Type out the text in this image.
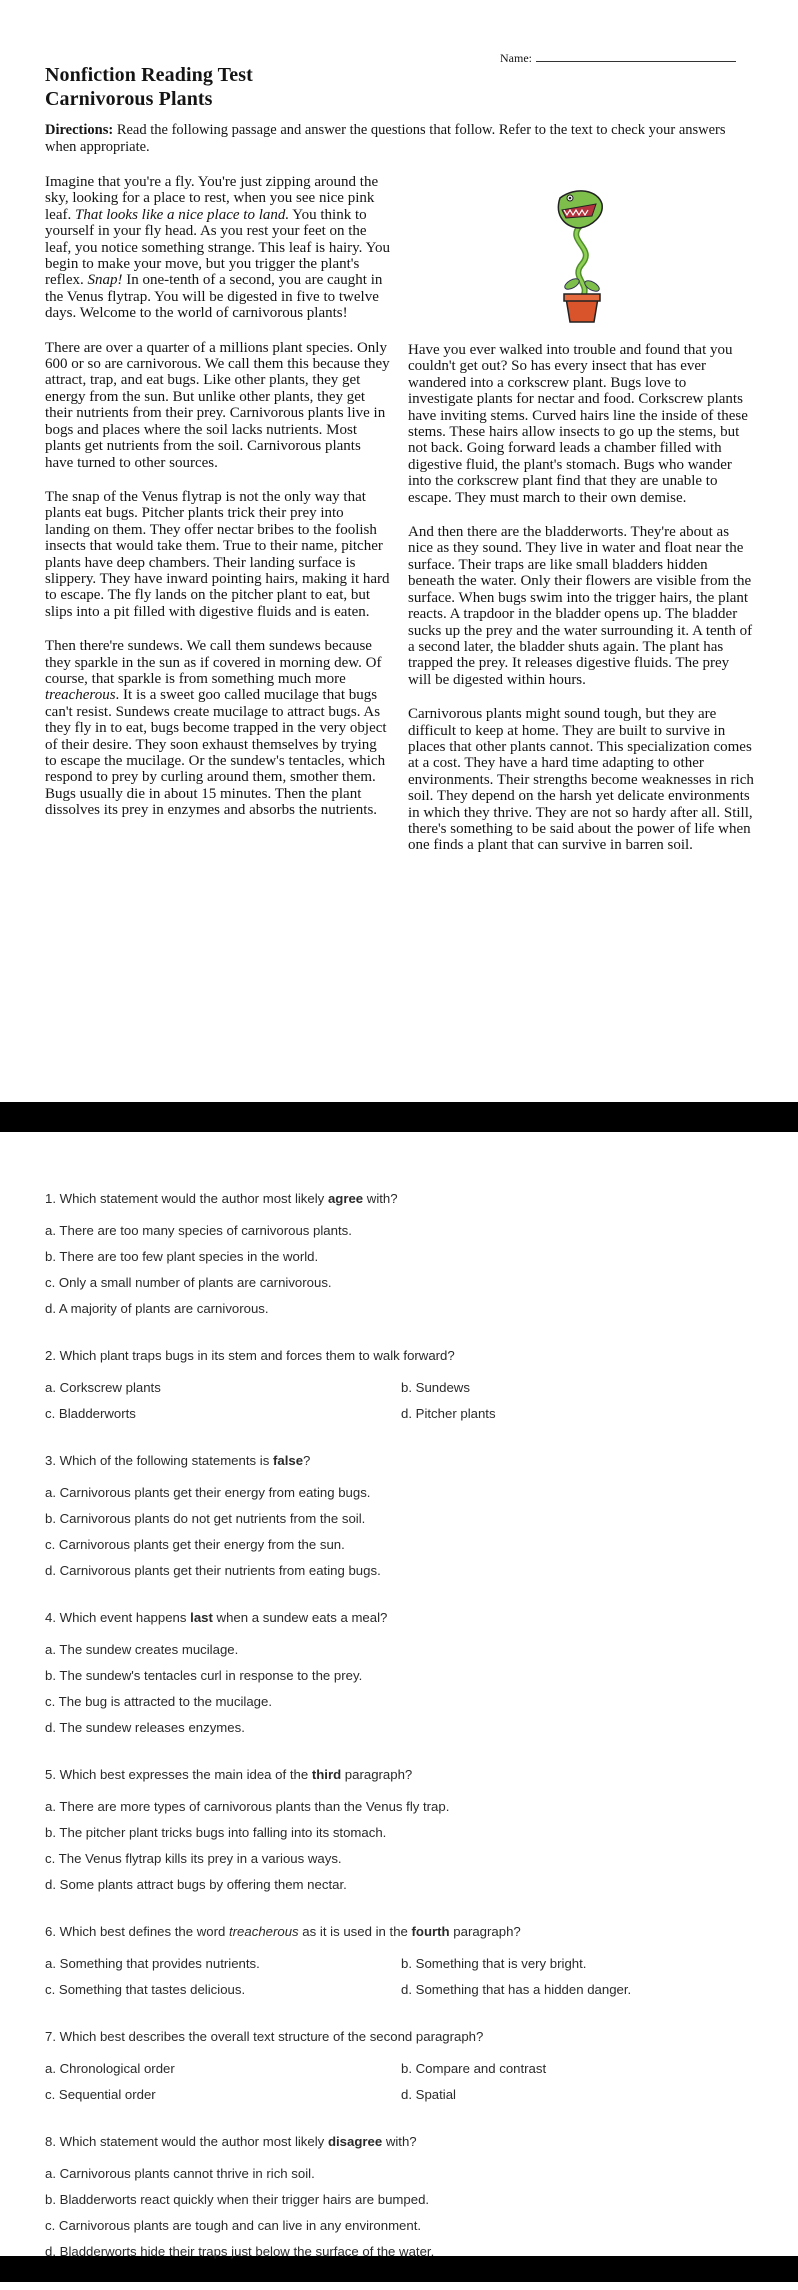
Name:
Nonfiction Reading Test
Carnivorous Plants
Directions: Read the following passage and answer the questions that follow. Refer to the text to check your answers when appropriate.

Imagine that you're a fly. You're just zipping around the sky, looking for a place to rest, when you see nice pink leaf. That looks like a nice place to land. You think to yourself in your fly head. As you rest your feet on the leaf, you notice something strange. This leaf is hairy. You begin to make your move, but you trigger the plant's reflex. Snap! In one-tenth of a second, you are caught in the Venus flytrap. You will be digested in five to twelve days. Welcome to the world of carnivorous plants!

There are over a quarter of a millions plant species. Only 600 or so are carnivorous. We call them this because they attract, trap, and eat bugs. Like other plants, they get energy from the sun. But unlike other plants, they get their nutrients from their prey. Carnivorous plants live in bogs and places where the soil lacks nutrients. Most plants get nutrients from the soil. Carnivorous plants have turned to other sources.

The snap of the Venus flytrap is not the only way that plants eat bugs. Pitcher plants trick their prey into landing on them. They offer nectar bribes to the foolish insects that would take them. True to their name, pitcher plants have deep chambers. Their landing surface is slippery. They have inward pointing hairs, making it hard to escape. The fly lands on the pitcher plant to eat, but slips into a pit filled with digestive fluids and is eaten.

Then there're sundews. We call them sundews because they sparkle in the sun as if covered in morning dew. Of course, that sparkle is from something much more treacherous. It is a sweet goo called mucilage that bugs can't resist. Sundews create mucilage to attract bugs. As they fly in to eat, bugs become trapped in the very object of their desire. They soon exhaust themselves by trying to escape the mucilage. Or the sundew's tentacles, which respond to prey by curling around them, smother them. Bugs usually die in about 15 minutes. Then the plant dissolves its prey in enzymes and absorbs the nutrients.

Have you ever walked into trouble and found that you couldn't get out? So has every insect that has ever wandered into a corkscrew plant. Bugs love to investigate plants for nectar and food. Corkscrew plants have inviting stems. Curved hairs line the inside of these stems. These hairs allow insects to go up the stems, but not back. Going forward leads a chamber filled with digestive fluid, the plant's stomach. Bugs who wander into the corkscrew plant find that they are unable to escape. They must march to their own demise.

And then there are the bladderworts. They're about as nice as they sound. They live in water and float near the surface. Their traps are like small bladders hidden beneath the water. Only their flowers are visible from the surface. When bugs swim into the trigger hairs, the plant reacts. A trapdoor in the bladder opens up. The bladder sucks up the prey and the water surrounding it. A tenth of a second later, the bladder shuts again. The plant has trapped the prey. It releases digestive fluids. The prey will be digested within hours.

Carnivorous plants might sound tough, but they are difficult to keep at home. They are built to survive in places that other plants cannot. This specialization comes at a cost. They have a hard time adapting to other environments. Their strengths become weaknesses in rich soil. They depend on the harsh yet delicate environments in which they thrive. They are not so hardy after all. Still, there's something to be said about the power of life when one finds a plant that can survive in barren soil.

1. Which statement would the author most likely agree with?
a. There are too many species of carnivorous plants.
b. There are too few plant species in the world.
c. Only a small number of plants are carnivorous.
d. A majority of plants are carnivorous.
2. Which plant traps bugs in its stem and forces them to walk forward?
a. Corkscrew plants	b. Sundews
c. Bladderworts	d. Pitcher plants
3. Which of the following statements is false?
a. Carnivorous plants get their energy from eating bugs.
b. Carnivorous plants do not get nutrients from the soil.
c. Carnivorous plants get their energy from the sun.
d. Carnivorous plants get their nutrients from eating bugs.
4. Which event happens last when a sundew eats a meal?
a. The sundew creates mucilage.
b. The sundew's tentacles curl in response to the prey.
c. The bug is attracted to the mucilage.
d. The sundew releases enzymes.
5. Which best expresses the main idea of the third paragraph?
a. There are more types of carnivorous plants than the Venus fly trap.
b. The pitcher plant tricks bugs into falling into its stomach.
c. The Venus flytrap kills its prey in a various ways.
d. Some plants attract bugs by offering them nectar.
6. Which best defines the word treacherous as it is used in the fourth paragraph?
a. Something that provides nutrients.	b. Something that is very bright.
c. Something that tastes delicious.	d. Something that has a hidden danger.
7. Which best describes the overall text structure of the second paragraph?
a. Chronological order	b. Compare and contrast
c. Sequential order	d. Spatial
8. Which statement would the author most likely disagree with?
a. Carnivorous plants cannot thrive in rich soil.
b. Bladderworts react quickly when their trigger hairs are bumped.
c. Carnivorous plants are tough and can live in any environment.
d. Bladderworts hide their traps just below the surface of the water.
